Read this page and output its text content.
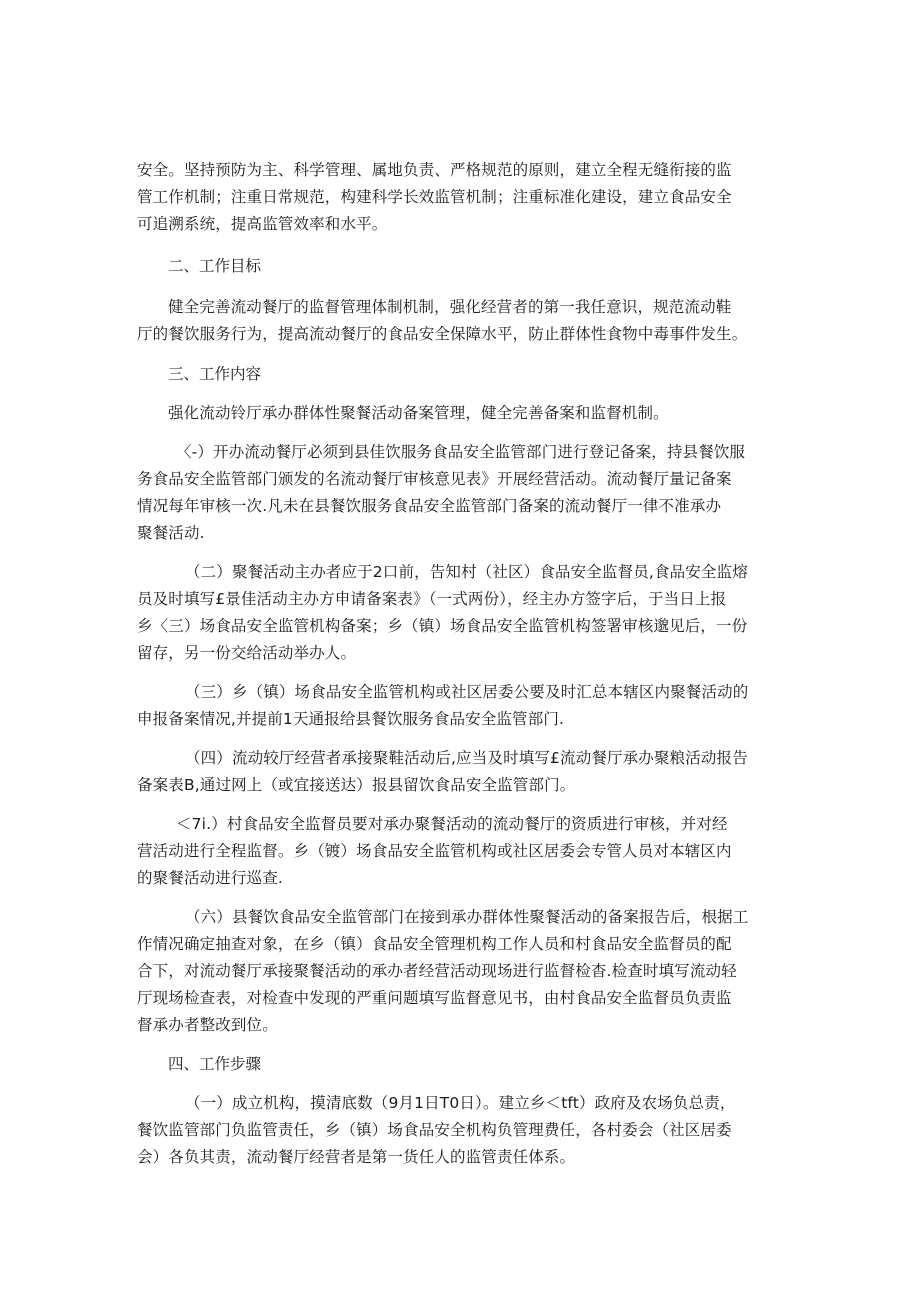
安全。坚持预防为主、科学管理、属地负责、严格规范的原则，建立全程无缝衔接的监
管工作机制；注重日常规范，构建科学长效监管机制；注重标准化建设，建立食品安全
可追溯系统，提高监管效率和水平。
二、工作目标
健全完善流动餐厅的监督管理体制机制，强化经营者的第一我任意识，规范流动鞋
厅的餐饮服务行为，提高流动餐厅的食品安全保障水平，防止群体性食物中毒事件发生。
三、工作内容
强化流动铃厅承办群体性聚餐活动备案管理，健全完善备案和监督机制。
〈-）开办流动餐厅必须到县佳饮服务食品安全监管部门进行登记备案，持县餐饮服
务食品安全监管部门颁发的名流动餐厅审核意见表》开展经营活动。流动餐厅量记备案
情况每年审核一次.凡未在县餐饮服务食品安全监管部门备案的流动餐厅一律不准承办
聚餐活动.
（二）聚餐活动主办者应于2口前，告知村（社区）食品安全监督员,食品安全监熔
员及时填写£景佳活动主办方申请备案表》（一式两份），经主办方签字后，于当日上报
乡〈三）场食品安全监管机构备案；乡（镇）场食品安全监管机构签署审核邈见后，一份
留存，另一份交给活动举办人。
（三）乡（镇）场食品安全监管机构或社区居委公要及时汇总本辖区内聚餐活动的
申报备案情况,并提前1天通报给县餐饮服务食品安全监管部门.
（四）流动较厅经营者承接聚鞋活动后,应当及时填写£流动餐厅承办聚粮活动报告
备案表B,通过网上（或宜接送达）报县留饮食品安全监管部门。
＜7i.）村食品安全监督员要对承办聚餐活动的流动餐厅的资质进行审核，并对经
营活动进行全程监督。乡（镀）场食品安全监管机构或社区居委会专管人员对本辖区内
的聚餐活动进行巡查.
（六）县餐饮食品安全监管部门在接到承办群体性聚餐活动的备案报告后，根据工
作情况确定抽查对象，在乡（镇）食品安全管理机构工作人员和村食品安全监督员的配
合下，对流动餐厅承接聚餐活动的承办者经营活动现场进行监督检杳.检查时填写流动轻
厅现场检查表，对检查中发现的严重问题填写监督意见书，由村食品安全监督员负责监
督承办者整改到位。
四、工作步骤
（一）成立机构，摸清底数（9月1日T0日）。建立乡＜tft）政府及农场负总责，
餐饮监管部门负监管责任，乡（镇）场食品安全机构负管理费任，各村委会（社区居委
会）各负其责，流动餐厅经营者是第一货任人的监管责任体系。
